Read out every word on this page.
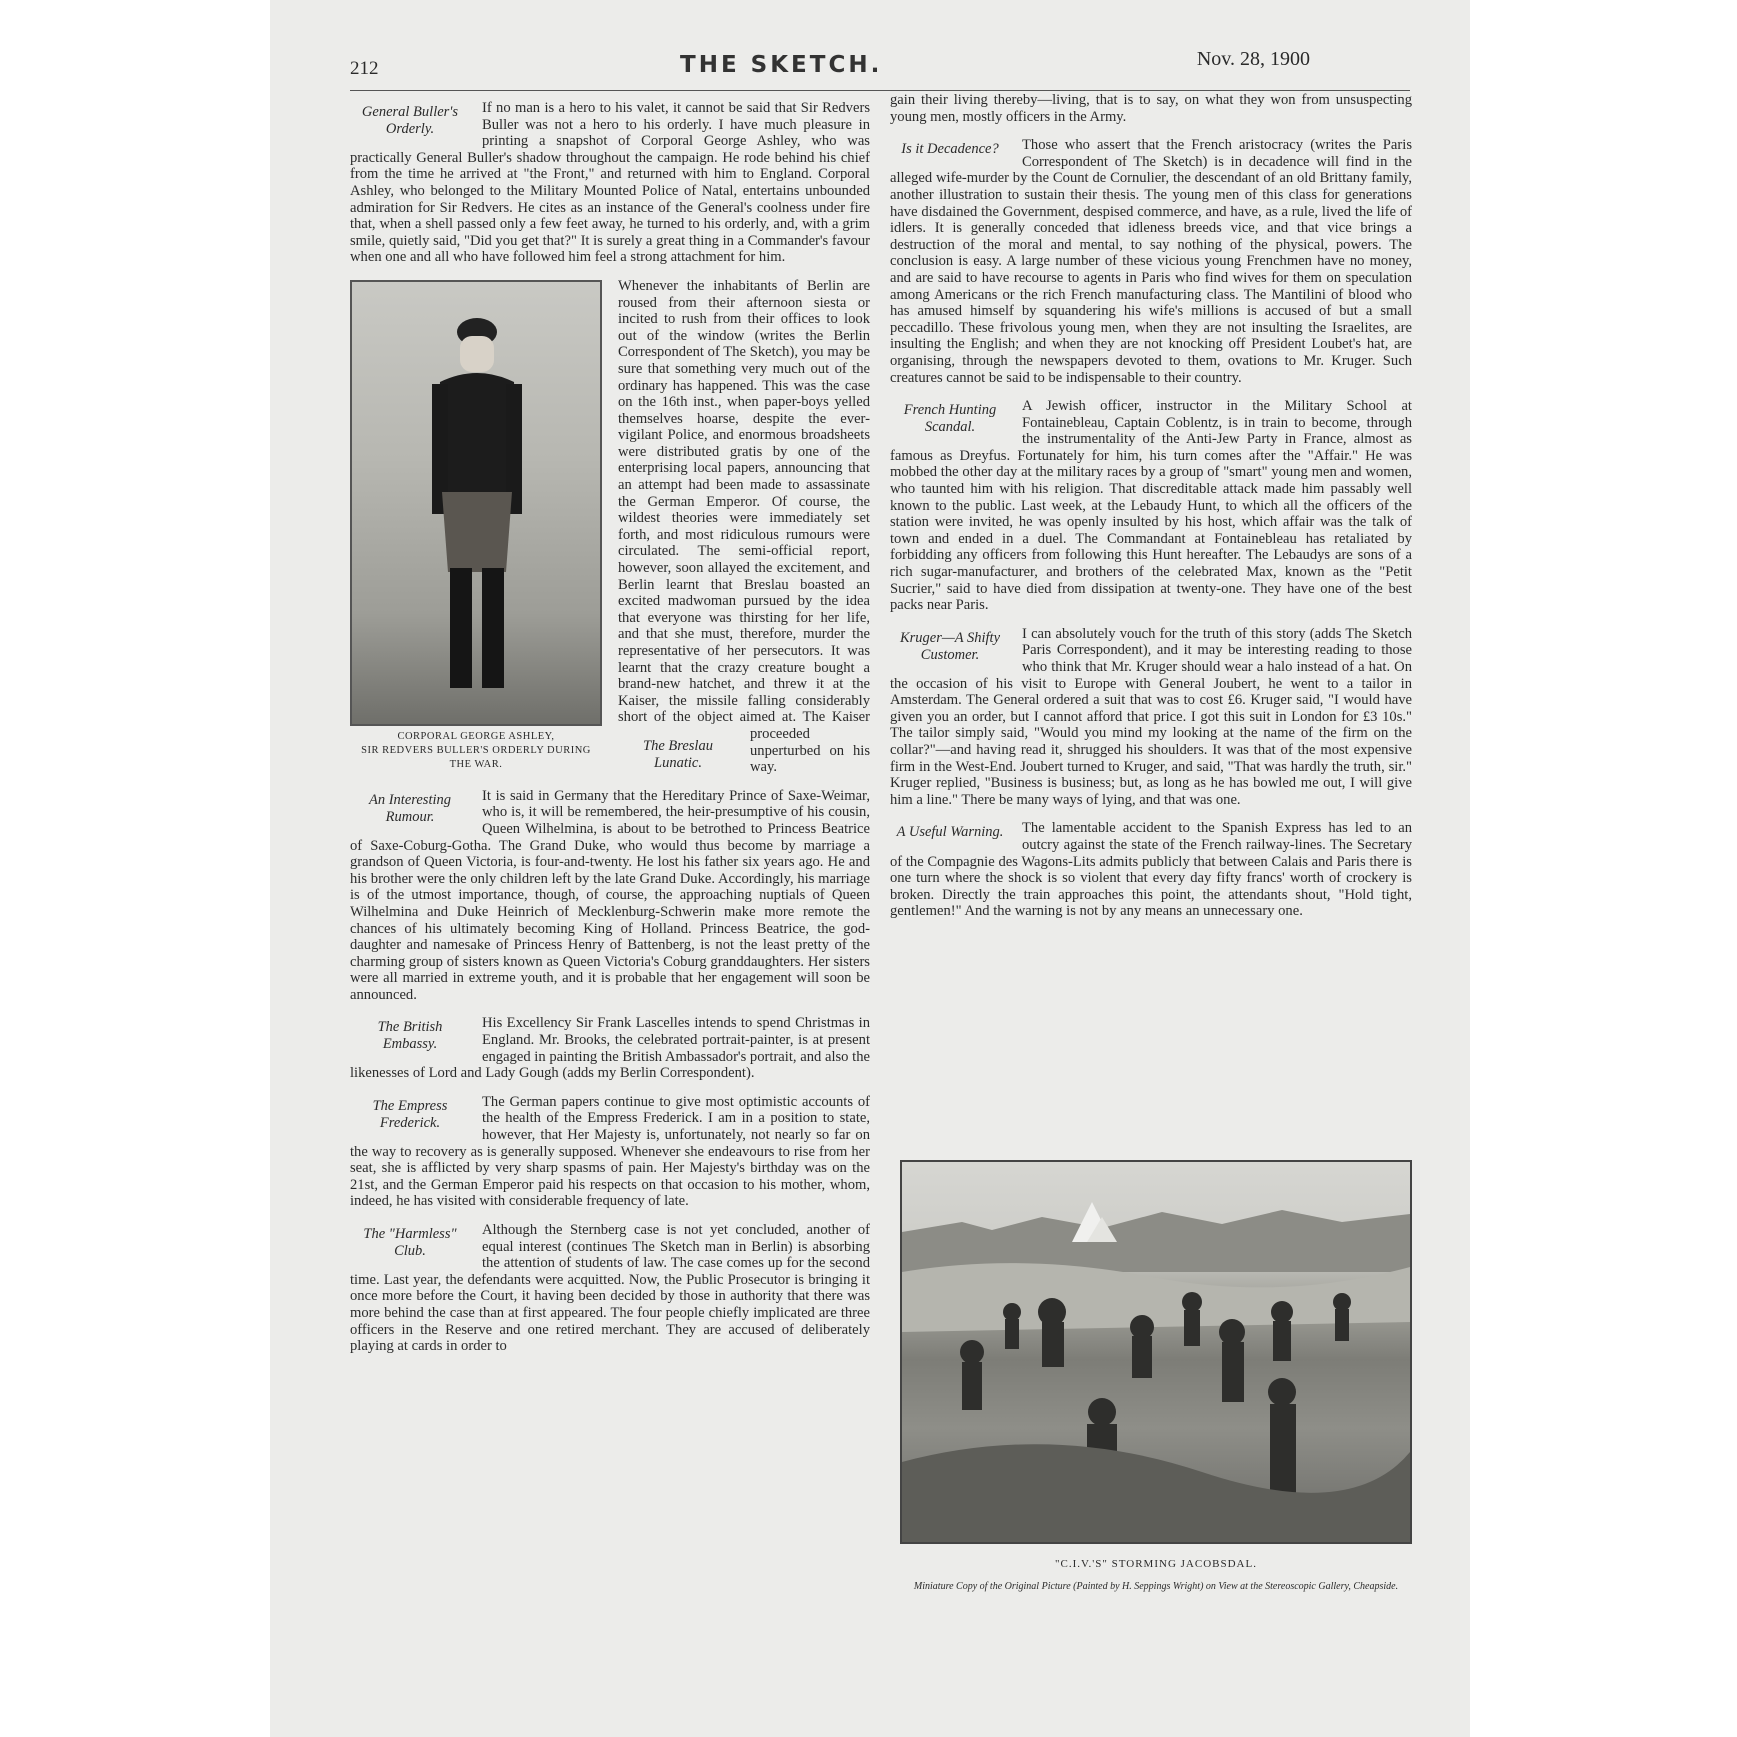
212	THE SKETCH.	Nov. 28, 1900

General Buller's Orderly.
If no man is a hero to his valet, it cannot be said that Sir Redvers Buller was not a hero to his orderly. I have much pleasure in printing a snapshot of Corporal George Ashley, who was practically General Buller's shadow throughout the campaign. He rode behind his chief from the time he arrived at "the Front," and returned with him to England. Corporal Ashley, who belonged to the Military Mounted Police of Natal, entertains unbounded admiration for Sir Redvers. He cites as an instance of the General's coolness under fire that, when a shell passed only a few feet away, he turned to his orderly, and, with a grim smile, quietly said, "Did you get that?" It is surely a great thing in a Commander's favour when one and all who have followed him feel a strong attachment for him.

CORPORAL GEORGE ASHLEY,
SIR REDVERS BULLER'S ORDERLY DURING THE WAR.

The Breslau Lunatic.
Whenever the inhabitants of Berlin are roused from their afternoon siesta or incited to rush from their offices to look out of the window (writes the Berlin Correspondent of The Sketch), you may be sure that something very much out of the ordinary has happened. This was the case on the 16th inst., when paper-boys yelled themselves hoarse, despite the ever-vigilant Police, and enormous broadsheets were distributed gratis by one of the enterprising local papers, announcing that an attempt had been made to assassinate the German Emperor. Of course, the wildest theories were immediately set forth, and most ridiculous rumours were circulated. The semi-official report, however, soon allayed the excitement, and Berlin learnt that Breslau boasted an excited madwoman pursued by the idea that everyone was thirsting for her life, and that she must, therefore, murder the representative of her persecutors. It was learnt that the crazy creature bought a brand-new hatchet, and threw it at the Kaiser, the missile falling considerably short of the object aimed at. The Kaiser proceeded unperturbed on his way.

An Interesting Rumour.
It is said in Germany that the Hereditary Prince of Saxe-Weimar, who is, it will be remembered, the heir-presumptive of his cousin, Queen Wilhelmina, is about to be betrothed to Princess Beatrice of Saxe-Coburg-Gotha. The Grand Duke, who would thus become by marriage a grandson of Queen Victoria, is four-and-twenty. He lost his father six years ago. He and his brother were the only children left by the late Grand Duke. Accordingly, his marriage is of the utmost importance, though, of course, the approaching nuptials of Queen Wilhelmina and Duke Heinrich of Mecklenburg-Schwerin make more remote the chances of his ultimately becoming King of Holland. Princess Beatrice, the god-daughter and namesake of Princess Henry of Battenberg, is not the least pretty of the charming group of sisters known as Queen Victoria's Coburg granddaughters. Her sisters were all married in extreme youth, and it is probable that her engagement will soon be announced.

The British Embassy.
His Excellency Sir Frank Lascelles intends to spend Christmas in England. Mr. Brooks, the celebrated portrait-painter, is at present engaged in painting the British Ambassador's portrait, and also the likenesses of Lord and Lady Gough (adds my Berlin Correspondent).

The Empress Frederick.
The German papers continue to give most optimistic accounts of the health of the Empress Frederick. I am in a position to state, however, that Her Majesty is, unfortunately, not nearly so far on the way to recovery as is generally supposed. Whenever she endeavours to rise from her seat, she is afflicted by very sharp spasms of pain. Her Majesty's birthday was on the 21st, and the German Emperor paid his respects on that occasion to his mother, whom, indeed, he has visited with considerable frequency of late.

The "Harmless" Club.
Although the Sternberg case is not yet concluded, another of equal interest (continues The Sketch man in Berlin) is absorbing the attention of students of law. The case comes up for the second time. Last year, the defendants were acquitted. Now, the Public Prosecutor is bringing it once more before the Court, it having been decided by those in authority that there was more behind the case than at first appeared. The four people chiefly implicated are three officers in the Reserve and one retired merchant. They are accused of deliberately playing at cards in order to

gain their living thereby—living, that is to say, on what they won from unsuspecting young men, mostly officers in the Army.

Is it Decadence?	Those who assert that the French aristocracy (writes the Paris Correspondent of The Sketch) is in decadence will find in the alleged wife-murder by the Count de Cornulier, the descendant of an old Brittany family, another illustration to sustain their thesis. The young men of this class for generations have disdained the Government, despised commerce, and have, as a rule, lived the life of idlers. It is generally conceded that idleness breeds vice, and that vice brings a destruction of the moral and mental, to say nothing of the physical, powers. The conclusion is easy. A large number of these vicious young Frenchmen have no money, and are said to have recourse to agents in Paris who find wives for them on speculation among Americans or the rich French manufacturing class. The Mantilini of blood who has amused himself by squandering his wife's millions is accused of but a small peccadillo. These frivolous young men, when they are not insulting the Israelites, are insulting the English; and when they are not knocking off President Loubet's hat, are organising, through the newspapers devoted to them, ovations to Mr. Kruger. Such creatures cannot be said to be indispensable to their country.

French Hunting Scandal.
A Jewish officer, instructor in the Military School at Fontainebleau, Captain Coblentz, is in train to become, through the instrumentality of the Anti-Jew Party in France, almost as famous as Dreyfus. Fortunately for him, his turn comes after the "Affair." He was mobbed the other day at the military races by a group of "smart" young men and women, who taunted him with his religion. That discreditable attack made him passably well known to the public. Last week, at the Lebaudy Hunt, to which all the officers of the station were invited, he was openly insulted by his host, which affair was the talk of town and ended in a duel. The Commandant at Fontainebleau has retaliated by forbidding any officers from following this Hunt hereafter. The Lebaudys are sons of a rich sugar-manufacturer, and brothers of the celebrated Max, known as the "Petit Sucrier," said to have died from dissipation at twenty-one. They have one of the best packs near Paris.

Kruger—A Shifty Customer.
I can absolutely vouch for the truth of this story (adds The Sketch Paris Correspondent), and it may be interesting reading to those who think that Mr. Kruger should wear a halo instead of a hat. On the occasion of his visit to Europe with General Joubert, he went to a tailor in Amsterdam. The General ordered a suit that was to cost £6. Kruger said, "I would have given you an order, but I cannot afford that price. I got this suit in London for £3 10s." The tailor simply said, "Would you mind my looking at the name of the firm on the collar?"—and having read it, shrugged his shoulders. It was that of the most expensive firm in the West-End. Joubert turned to Kruger, and said, "That was hardly the truth, sir." Kruger replied, "Business is business; but, as long as he has bowled me out, I will give him a line." There be many ways of lying, and that was one.

A Useful Warning.	The lamentable accident to the Spanish Express has led to an outcry against the state of the French railway-lines. The Secretary of the Compagnie des Wagons-Lits admits publicly that between Calais and Paris there is one turn where the shock is so violent that every day fifty francs' worth of crockery is broken. Directly the train approaches this point, the attendants shout, "Hold tight, gentlemen!" And the warning is not by any means an unnecessary one.

"C.I.V.'S" STORMING JACOBSDAL.
Miniature Copy of the Original Picture (Painted by H. Seppings Wright) on View at the Stereoscopic Gallery, Cheapside.
